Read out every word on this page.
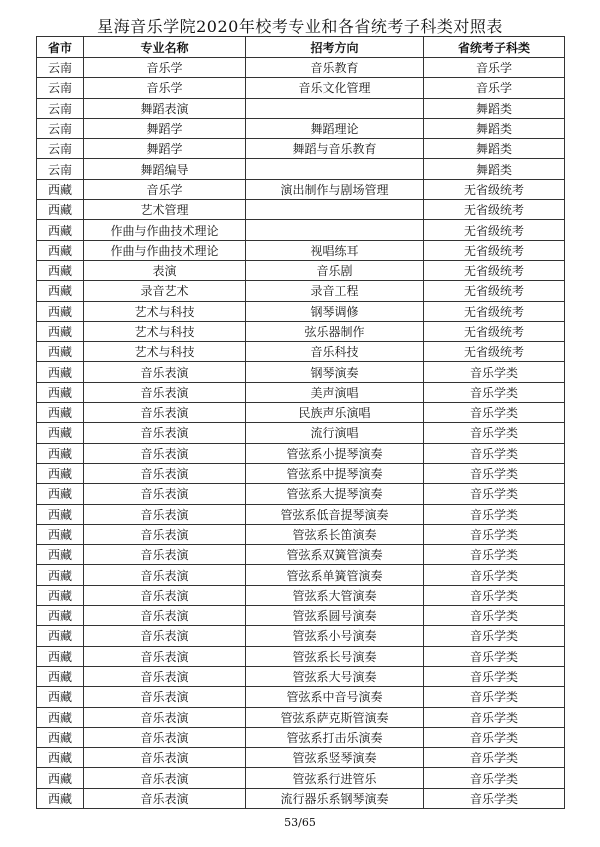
星海音乐学院2020年校考专业和各省统考子科类对照表
省市	专业名称	招考方向	省统考子科类
云南	音乐学	音乐教育	音乐学
云南	音乐学	音乐文化管理	音乐学
云南	舞蹈表演		舞蹈类
云南	舞蹈学	舞蹈理论	舞蹈类
云南	舞蹈学	舞蹈与音乐教育	舞蹈类
云南	舞蹈编导		舞蹈类
西藏	音乐学	演出制作与剧场管理	无省级统考
西藏	艺术管理		无省级统考
西藏	作曲与作曲技术理论		无省级统考
西藏	作曲与作曲技术理论	视唱练耳	无省级统考
西藏	表演	音乐剧	无省级统考
西藏	录音艺术	录音工程	无省级统考
西藏	艺术与科技	钢琴调修	无省级统考
西藏	艺术与科技	弦乐器制作	无省级统考
西藏	艺术与科技	音乐科技	无省级统考
西藏	音乐表演	钢琴演奏	音乐学类
西藏	音乐表演	美声演唱	音乐学类
西藏	音乐表演	民族声乐演唱	音乐学类
西藏	音乐表演	流行演唱	音乐学类
西藏	音乐表演	管弦系小提琴演奏	音乐学类
西藏	音乐表演	管弦系中提琴演奏	音乐学类
西藏	音乐表演	管弦系大提琴演奏	音乐学类
西藏	音乐表演	管弦系低音提琴演奏	音乐学类
西藏	音乐表演	管弦系长笛演奏	音乐学类
西藏	音乐表演	管弦系双簧管演奏	音乐学类
西藏	音乐表演	管弦系单簧管演奏	音乐学类
西藏	音乐表演	管弦系大管演奏	音乐学类
西藏	音乐表演	管弦系圆号演奏	音乐学类
西藏	音乐表演	管弦系小号演奏	音乐学类
西藏	音乐表演	管弦系长号演奏	音乐学类
西藏	音乐表演	管弦系大号演奏	音乐学类
西藏	音乐表演	管弦系中音号演奏	音乐学类
西藏	音乐表演	管弦系萨克斯管演奏	音乐学类
西藏	音乐表演	管弦系打击乐演奏	音乐学类
西藏	音乐表演	管弦系竖琴演奏	音乐学类
西藏	音乐表演	管弦系行进管乐	音乐学类
西藏	音乐表演	流行器乐系钢琴演奏	音乐学类
53/65
